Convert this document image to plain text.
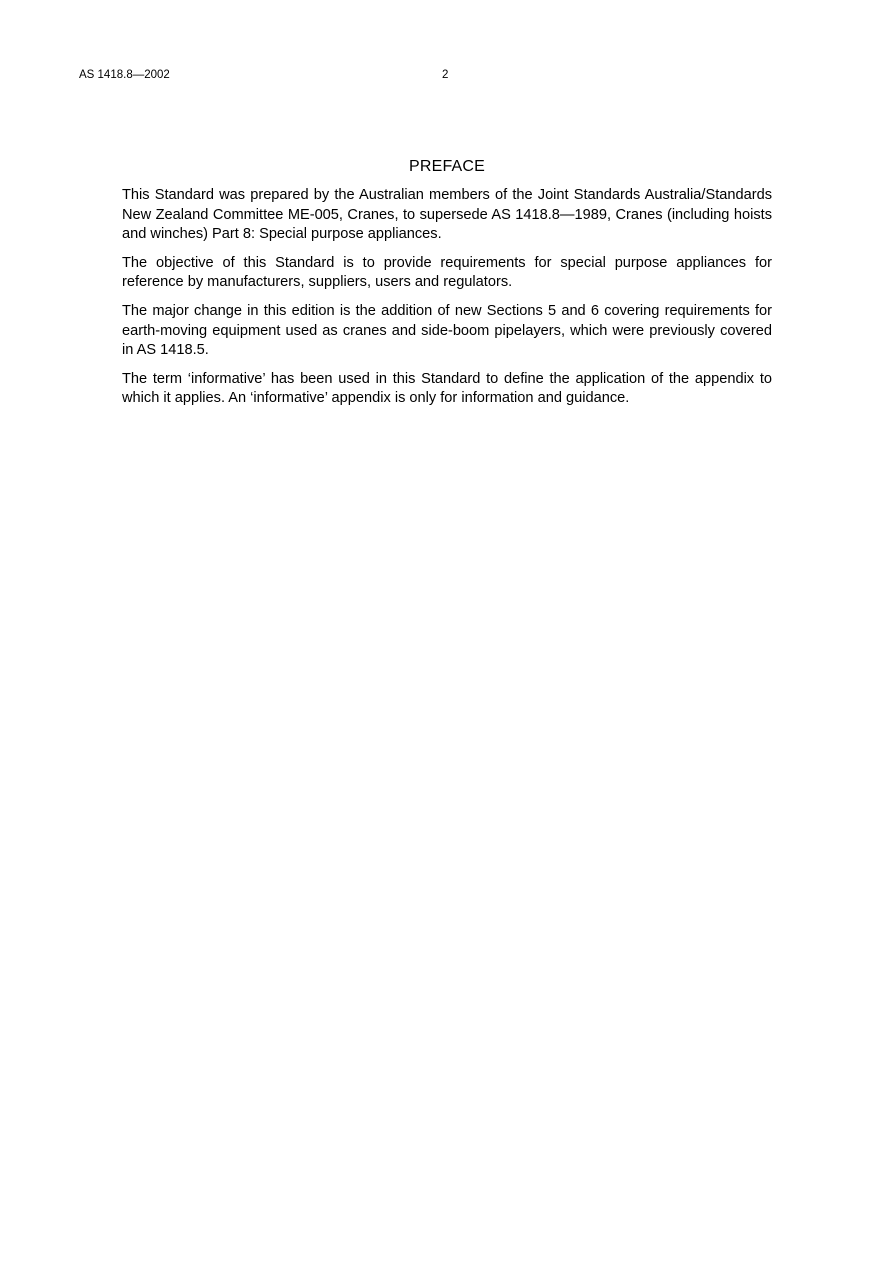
AS 1418.8—2002	2
PREFACE

This Standard was prepared by the Australian members of the Joint Standards Australia/Standards New Zealand Committee ME-005, Cranes, to supersede AS 1418.8—1989, Cranes (including hoists and winches) Part 8: Special purpose appliances.

The objective of this Standard is to provide requirements for special purpose appliances for reference by manufacturers, suppliers, users and regulators.

The major change in this edition is the addition of new Sections 5 and 6 covering requirements for earth-moving equipment used as cranes and side-boom pipelayers, which were previously covered in AS 1418.5.

The term ‘informative’ has been used in this Standard to define the application of the appendix to which it applies. An ‘informative’ appendix is only for information and guidance.
